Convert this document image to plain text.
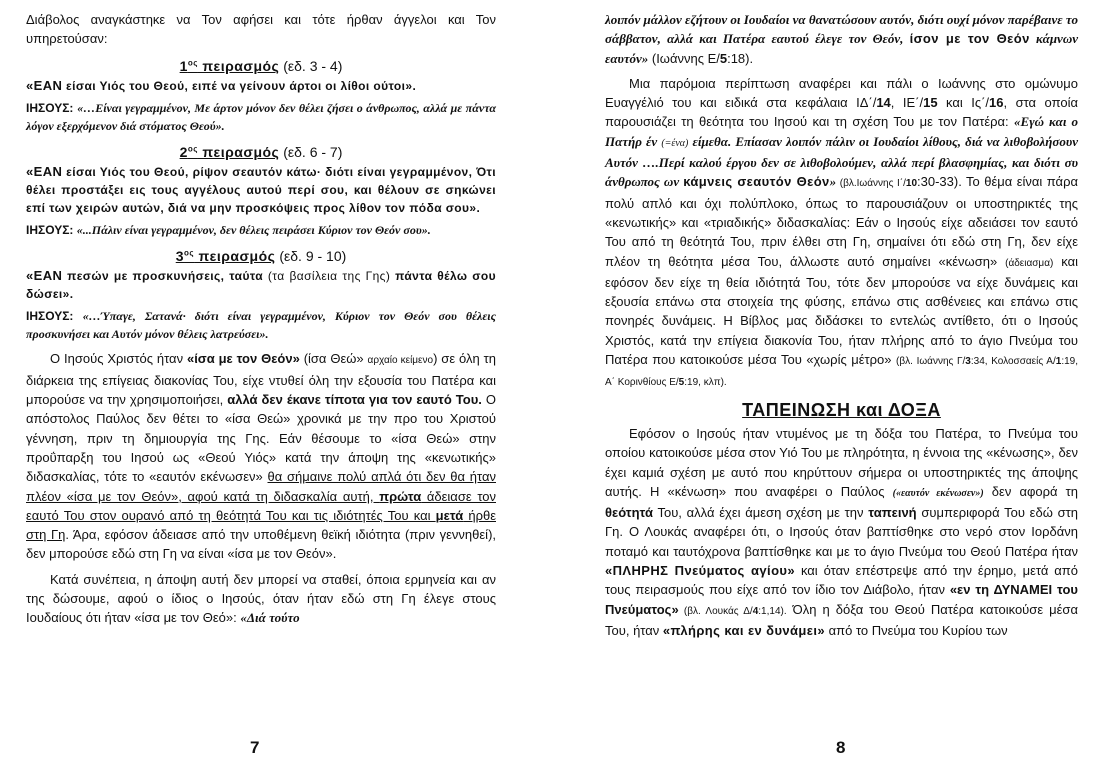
Διάβολος αναγκάστηκε να Τον αφήσει και τότε ήρθαν άγγελοι και Τον υπηρετούσαν:

$1^{o\varsigma}$ πειρασμός (εδ. 3 - 4)

«ΕΑΝ είσαι Υιός του Θεού, ειπέ να γείνουν άρτοι οι λίθοι ούτοι».

ΙΗΣΟΥΣ: «…Είναι γεγραμμένον, Με άρτον μόνον δεν θέλει ζήσει ο άνθρωπος, αλλά με πάντα λόγον εξερχόμενον διά στόματος Θεού».

$2^{o\varsigma}$ πειρασμός (εδ. 6 - 7)

«ΕΑΝ είσαι Υιός του Θεού, ρίψον σεαυτόν κάτω· διότι είναι γεγραμμένον, Ότι θέλει προστάξει εις τους αγγέλους αυτού περί σου, και θέλουν σε σηκώνει επί των χειρών αυτών, διά να μην προσκόψεις προς λίθον τον πόδα σου».

ΙΗΣΟΥΣ: «...Πάλιν είναι γεγραμμένον, δεν θέλεις πειράσει Κύριον τον Θεόν σου».

$3^{o\varsigma}$ πειρασμός (εδ. 9 - 10)

«ΕΑΝ πεσών με προσκυνήσεις, ταύτα (τα βασίλεια της Γης) πάντα θέλω σου δώσει».

ΙΗΣΟΥΣ: «…Ύπαγε, Σατανά· διότι είναι γεγραμμένον, Κύριον τον Θεόν σου θέλεις προσκυνήσει και Αυτόν μόνον θέλεις λατρεύσει».

Ο Ιησούς Χριστός ήταν «ίσα με τον Θεόν» (ίσα Θεώ» αρχαίο κείμενο) σε όλη τη διάρκεια της επίγειας διακονίας Του, είχε ντυθεί όλη την εξουσία του Πατέρα και μπορούσε να την χρησιμοποιήσει, αλλά δεν έκανε τίποτα για τον εαυτό Του. Ο απόστολος Παύλος δεν θέτει το «ίσα Θεώ» χρονικά με την προ του Χριστού γέννηση, πριν τη δημιουργία της Γης. Εάν θέσουμε το «ίσα Θεώ» στην προΰπαρξη του Ιησού ως «Θεού Υιός» κατά την άποψη της «κενωτικής» διδασκαλίας, τότε το «εαυτόν εκένωσεν» θα σήμαινε πολύ απλά ότι δεν θα ήταν πλέον «ίσα με τον Θεόν», αφού κατά τη διδασκαλία αυτή, πρώτα άδειασε τον εαυτό Του στον ουρανό από τη θεότητά Του και τις ιδιότητές Του και μετά ήρθε στη Γη. Άρα, εφόσον άδειασε από την υποθέμενη θεϊκή ιδιότητα (πριν γεννηθεί), δεν μπορούσε εδώ στη Γη να είναι «ίσα με τον Θεόν».

Κατά συνέπεια, η άποψη αυτή δεν μπορεί να σταθεί, όποια ερμηνεία και αν της δώσουμε, αφού ο ίδιος ο Ιησούς, όταν ήταν εδώ στη Γη έλεγε στους Ιουδαίους ότι ήταν «ίσα με τον Θεό»: «Διά τούτο

7

λοιπόν μάλλον εζήτουν οι Ιουδαίοι να θανατώσουν αυτόν, διότι ουχί μόνον παρέβαινε το σάββατον, αλλά και Πατέρα εαυτού έλεγε τον Θεόν, ίσον με τον Θεόν κάμνων εαυτόν» (Ιωάννης Ε/5:18).

Μια παρόμοια περίπτωση αναφέρει και πάλι ο Ιωάννης στο ομώνυμο Ευαγγέλιό του και ειδικά στα κεφάλαια ΙΔ΄/14, ΙΕ΄/15 και Ις΄/16, στα οποία παρουσιάζει τη θεότητα του Ιησού και τη σχέση Του με τον Πατέρα: «Εγώ και ο Πατήρ έν (=ένα) είμεθα. Επίασαν λοιπόν πάλιν οι Ιουδαίοι λίθους, διά να λιθοβολήσουν Αυτόν ….Περί καλού έργου δεν σε λιθοβολούμεν, αλλά περί βλασφημίας, και διότι συ άνθρωπος ων κάμνεις σεαυτόν Θεόν» (βλ.Ιωάννης Ι΄/10:30-33). Το θέμα είναι πάρα πολύ απλό και όχι πολύπλοκο, όπως το παρουσιάζουν οι υποστηρικτές της «κενωτικής» και «τριαδικής» διδασκαλίας: Εάν ο Ιησούς είχε αδειάσει τον εαυτό Του από τη θεότητά Του, πριν έλθει στη Γη, σημαίνει ότι εδώ στη Γη, δεν είχε πλέον τη θεότητα μέσα Του, άλλωστε αυτό σημαίνει «κένωση» (άδειασμα) και εφόσον δεν είχε τη θεία ιδιότητά Του, τότε δεν μπορούσε να είχε δυνάμεις και εξουσία επάνω στα στοιχεία της φύσης, επάνω στις ασθένειες και επάνω στις πονηρές δυνάμεις. Η Βίβλος μας διδάσκει το εντελώς αντίθετο, ότι ο Ιησούς Χριστός, κατά την επίγεια διακονία Του, ήταν πλήρης από το άγιο Πνεύμα του Πατέρα που κατοικούσε μέσα Του «χωρίς μέτρο» (βλ. Ιωάννης Γ/3:34, Κολοσσαείς Α/1:19, Α΄ Κορινθίους Ε/5:19, κλπ).

ΤΑΠΕΙΝΩΣΗ και ΔΟΞΑ

Εφόσον ο Ιησούς ήταν ντυμένος με τη δόξα του Πατέρα, το Πνεύμα του οποίου κατοικούσε μέσα στον Υιό Του με πληρότητα, η έννοια της «κένωσης», δεν έχει καμιά σχέση με αυτό που κηρύττουν σήμερα οι υποστηρικτές της άποψης αυτής. Η «κένωση» που αναφέρει ο Παύλος («εαυτόν εκένωσεν») δεν αφορά τη θεότητά Του, αλλά έχει άμεση σχέση με την ταπεινή συμπεριφορά Του εδώ στη Γη. Ο Λουκάς αναφέρει ότι, ο Ιησούς όταν βαπτίσθηκε στο νερό στον Ιορδάνη ποταμό και ταυτόχρονα βαπτίσθηκε και με το άγιο Πνεύμα του Θεού Πατέρα ήταν «ΠΛΗΡΗΣ Πνεύματος αγίου» και όταν επέστρεψε από την έρημο, μετά από τους πειρασμούς που είχε από τον ίδιο τον Διάβολο, ήταν «εν τη ΔΥΝΑΜΕΙ του Πνεύματος» (βλ. Λουκάς Δ/4:1,14). Όλη η δόξα του Θεού Πατέρα κατοικούσε μέσα Του, ήταν «πλήρης και εν δυνάμει» από το Πνεύμα του Κυρίου των

8
